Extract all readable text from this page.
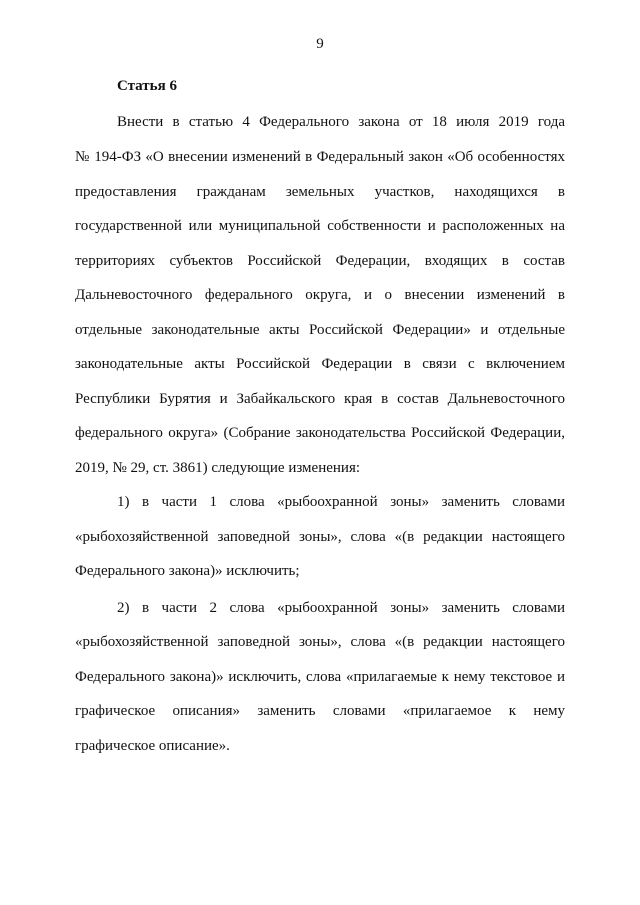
9
Статья 6
Внести в статью 4 Федерального закона от 18 июля 2019 года
№ 194-ФЗ «О внесении изменений в Федеральный закон «Об особенностях
предоставления гражданам земельных участков, находящихся в
государственной или муниципальной собственности и расположенных на
территориях субъектов Российской Федерации, входящих в состав
Дальневосточного федерального округа, и о внесении изменений в
отдельные законодательные акты Российской Федерации» и отдельные
законодательные акты Российской Федерации в связи с включением
Республики Бурятия и Забайкальского края в состав Дальневосточного
федерального округа» (Собрание законодательства Российской Федерации,
2019, № 29, ст. 3861) следующие изменения:
1) в части 1 слова «рыбоохранной зоны» заменить словами
«рыбохозяйственной заповедной зоны», слова «(в редакции настоящего
Федерального закона)» исключить;
2) в части 2 слова «рыбоохранной зоны» заменить словами
«рыбохозяйственной заповедной зоны», слова «(в редакции настоящего
Федерального закона)» исключить, слова «прилагаемые к нему текстовое и
графическое описания» заменить словами «прилагаемое к нему
графическое описание».
